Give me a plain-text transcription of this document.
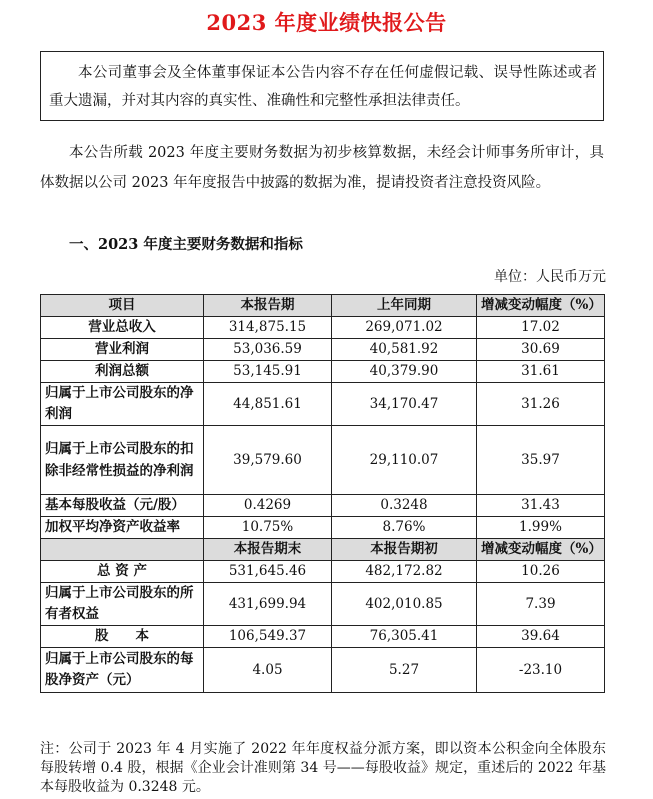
2023 年度业绩快报公告
本公司董事会及全体董事保证本公告内容不存在任何虚假记载、误导性陈述或者重大遗漏，并对其内容的真实性、准确性和完整性承担法律责任。
本公告所载 2023 年度主要财务数据为初步核算数据，未经会计师事务所审计，具体数据以公司 2023 年年度报告中披露的数据为准，提请投资者注意投资风险。
一、2023 年度主要财务数据和指标
单位：人民币万元
项目	本报告期	上年同期	增减变动幅度（%）
营业总收入	314,875.15	269,071.02	17.02
营业利润	53,036.59	40,581.92	30.69
利润总额	53,145.91	40,379.90	31.61
归属于上市公司股东的净利润	44,851.61	34,170.47	31.26
归属于上市公司股东的扣除非经常性损益的净利润	39,579.60	29,110.07	35.97
基本每股收益（元/股）	0.4269	0.3248	31.43
加权平均净资产收益率	10.75%	8.76%	1.99%
	本报告期末	本报告期初	增减变动幅度（%）
总 资 产	531,645.46	482,172.82	10.26
归属于上市公司股东的所有者权益	431,699.94	402,010.85	7.39
股　　本	106,549.37	76,305.41	39.64
归属于上市公司股东的每股净资产（元）	4.05	5.27	-23.10
注：公司于 2023 年 4 月实施了 2022 年年度权益分派方案，即以资本公积金向全体股东每股转增 0.4 股，根据《企业会计准则第 34 号——每股收益》规定，重述后的 2022 年基本每股收益为 0.3248 元。
